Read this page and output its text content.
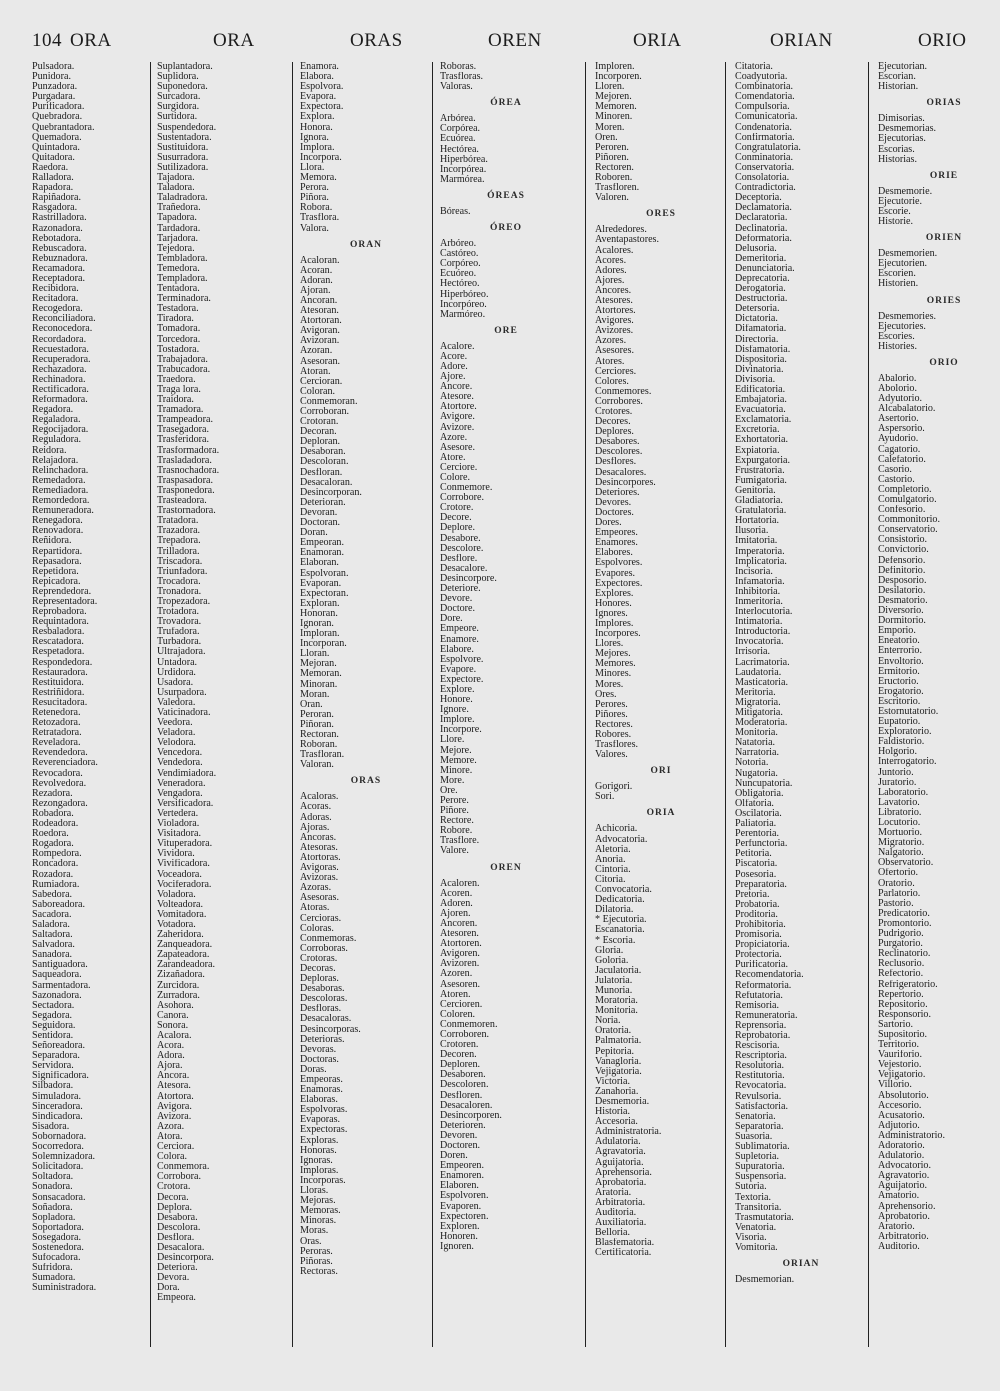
104 ORA	ORA	ORAS	OREN	ORIA	ORIAN	ORIO
Pulsadora.
Punidora.
Punzadora.
Purgadara.
Purificadora.
Quebradora.
Quebrantadora.
Quemadora.
Quintadora.
Quitadora.
Raedora.
Ralladora.
Rapadora.
Rapiñadora.
Rasgadora.
Rastrilladora.
Razonadora.
Rebotadora.
Rebuscadora.
Rebuznadora.
Recamadora.
Receptadora.
Recibidora.
Recitadora.
Recogedora.
Reconciliadora.
Reconocedora.
Recordadora.
Recuestadora.
Recuperadora.
Rechazadora.
Rechinadora.
Rectificadora.
Reformadora.
Regadora.
Regaladora.
Regocijadora.
Reguladora.
Reidora.
Relajadora.
Relinchadora.
Remedadora.
Remediadora.
Remordedora.
Remuneradora.
Renegadora.
Renovadora.
Reñidora.
Repartidora.
Repasadora.
Repetidora.
Repicadora.
Reprendedora.
Representadora.
Reprobadora.
Requintadora.
Resbaladora.
Rescatadora.
Respetadora.
Respondedora.
Restauradora.
Restituidora.
Restriñidora.
Resucitadora.
Retenedora.
Retozadora.
Retratadora.
Reveladora.
Revendedora.
Reverenciadora.
Revocadora.
Revolvedora.
Rezadora.
Rezongadora.
Robadora.
Rodeadora.
Roedora.
Rogadora.
Rompedora.
Roncadora.
Rozadora.
Rumiadora.
Sabedora.
Saboreadora.
Sacadora.
Saladora.
Saltadora.
Salvadora.
Sanadora.
Santiguadora.
Saqueadora.
Sarmentadora.
Sazonadora.
Sectadora.
Segadora.
Seguidora.
Sentidora.
Señoreadora.
Separadora.
Servidora.
Significadora.
Silbadora.
Simuladora.
Sinceradora.
Sindicadora.
Sisadora.
Sobornadora.
Socorredora.
Solemnizadora.
Solicitadora.
Soltadora.
Sonadora.
Sonsacadora.
Soñadora.
Sopladora.
Soportadora.
Sosegadora.
Sostenedora.
Sufocadora.
Sufridora.
Sumadora.
Suministradora.
Suplantadora.
Suplidora.
Suponedora.
Surcadora.
Surgidora.
Surtidora.
Suspendedora.
Sustentadora.
Sustituidora.
Susurradora.
Sutilizadora.
Tajadora.
Taladora.
Taladradora.
Trañedora.
Tapadora.
Tardadora.
Tarjadora.
Tejedora.
Tembladora.
Temedora.
Templadora.
Tentadora.
Terminadora.
Testadora.
Tiradora.
Tomadora.
Torcedora.
Tostadora.
Trabajadora.
Trabucadora.
Traedora.
Traga lora.
Traidora.
Tramadora.
Trampeadora.
Trasegadora.
Trasferidora.
Trasformadora.
Trasladadora.
Trasnochadora.
Traspasadora.
Trasponedora.
Trasteadora.
Trastornadora.
Tratadora.
Trazadora.
Trepadora.
Trilladora.
Triscadora.
Triunfadora.
Trocadora.
Tronadora.
Tropezadora.
Trotadora.
Trovadora.
Trufadora.
Turbadora.
Ultrajadora.
Untadora.
Urdidora.
Usadora.
Usurpadora.
Valedora.
Vaticinadora.
Veedora.
Veladora.
Velodora.
Vencedora.
Vendedora.
Vendimiadora.
Veneradora.
Vengadora.
Versificadora.
Vertedera.
Violadora.
Visitadora.
Vituperadora.
Vividora.
Vivificadora.
Voceadora.
Vociferadora.
Voladora.
Volteadora.
Vomitadora.
Votadora.
Zaheridora.
Zanqueadora.
Zapateadora.
Zarandeadora.
Zizañadora.
Zurcidora.
Zurradora.
Asohora.
Canora.
Sonora.
Acalora.
Acora.
Adora.
Ajora.
Ancora.
Atesora.
Atortora.
Avigora.
Avizora.
Azora.
Atora.
Cerciora.
Colora.
Conmemora.
Corrobora.
Crotora.
Decora.
Deplora.
Desabora.
Descolora.
Desflora.
Desacalora.
Desincorpora.
Deteriora.
Devora.
Dora.
Empeora.
Enamora.
Elabora.
Espolvora.
Evapora.
Expectora.
Explora.
Honora.
Ignora.
Implora.
Incorpora.
Llora.
Memora.
Perora.
Piñora.
Robora.
Trasflora.
Valora.
ORAN
Acaloran.
Acoran.
Adoran.
Ajoran.
Ancoran.
Atesoran.
Atortoran.
Avigoran.
Avizoran.
Azoran.
Asesoran.
Atoran.
Cercioran.
Coloran.
Conmemoran.
Corroboran.
Crotoran.
Decoran.
Deploran.
Desaboran.
Descoloran.
Desfloran.
Desacaloran.
Desincorporan.
Deterioran.
Devoran.
Doctoran.
Doran.
Empeoran.
Enamoran.
Elaboran.
Espolvoran.
Evaporan.
Expectoran.
Exploran.
Honoran.
Ignoran.
Imploran.
Incorporan.
Lloran.
Mejoran.
Memoran.
Minoran.
Moran.
Oran.
Peroran.
Piñoran.
Rectoran.
Roboran.
Trasfloran.
Valoran.
ORAS
Acaloras.
Acoras.
Adoras.
Ajoras.
Ancoras.
Atesoras.
Atortoras.
Avigoras.
Avizoras.
Azoras.
Asesoras.
Atoras.
Cercioras.
Coloras.
Conmemoras.
Corroboras.
Crotoras.
Decoras.
Deploras.
Desaboras.
Descoloras.
Desfloras.
Desacaloras.
Desincorporas.
Deterioras.
Devoras.
Doctoras.
Doras.
Empeoras.
Enamoras.
Elaboras.
Espolvoras.
Evaporas.
Expectoras.
Exploras.
Honoras.
Ignoras.
Imploras.
Incorporas.
Lloras.
Mejoras.
Memoras.
Minoras.
Moras.
Oras.
Peroras.
Piñoras.
Rectoras.
Roboras.
Trasfloras.
Valoras.
ÓREA
Arbórea.
Corpórea.
Ecuórea.
Hectórea.
Hiperbórea.
Incorpórea.
Marmórea.
ÓREAS
Bóreas.
ÓREO
Arbóreo.
Castóreo.
Corpóreo.
Ecuóreo.
Hectóreo.
Hiperbóreo.
Incorpóreo.
Marmóreo.
ORE
Acalore.
Acore.
Adore.
Ajore.
Ancore.
Atesore.
Atortore.
Avigore.
Avizore.
Azore.
Asesore.
Atore.
Cerciore.
Colore.
Conmemore.
Corrobore.
Crotore.
Decore.
Deplore.
Desabore.
Descolore.
Desflore.
Desacalore.
Desincorpore.
Deteriore.
Devore.
Doctore.
Dore.
Empeore.
Enamore.
Elabore.
Espolvore.
Evapore.
Expectore.
Explore.
Honore.
Ignore.
Implore.
Incorpore.
Llore.
Mejore.
Memore.
Minore.
More.
Ore.
Perore.
Piñore.
Rectore.
Robore.
Trasflore.
Valore.
OREN
Acaloren.
Acoren.
Adoren.
Ajoren.
Ancoren.
Atesoren.
Atortoren.
Avigoren.
Avizoren.
Azoren.
Asesoren.
Atoren.
Cercioren.
Coloren.
Conmemoren.
Corroboren.
Crotoren.
Decoren.
Deploren.
Desaboren.
Descoloren.
Desfloren.
Desacaloren.
Desincorporen.
Deterioren.
Devoren.
Doctoren.
Doren.
Empeoren.
Enamoren.
Elaboren.
Espolvoren.
Evaporen.
Expectoren.
Exploren.
Honoren.
Ignoren.
Imploren.
Incorporen.
Lloren.
Mejoren.
Memoren.
Minoren.
Moren.
Oren.
Peroren.
Piñoren.
Rectoren.
Roboren.
Trasfloren.
Valoren.
ORES
Alrededores.
Aventapastores.
Acalores.
Acores.
Adores.
Ajores.
Ancores.
Atesores.
Atortores.
Avigores.
Avizores.
Azores.
Asesores.
Atores.
Cerciores.
Colores.
Conmemores.
Corrobores.
Crotores.
Decores.
Deplores.
Desabores.
Descolores.
Desflores.
Desacalores.
Desincorpores.
Deteriores.
Devores.
Doctores.
Dores.
Empeores.
Enamores.
Elabores.
Espolvores.
Evapores.
Expectores.
Explores.
Honores.
Ignores.
Implores.
Incorpores.
Llores.
Mejores.
Memores.
Minores.
Mores.
Ores.
Perores.
Piñores.
Rectores.
Robores.
Trasflores.
Valores.
ORI
Gorigori.
Sori.
ORIA
Achicoria.
Advocatoria.
Aletoria.
Anoria.
Cintoria.
Citoria.
Convocatoria.
Dedicatoria.
Dilatoria.
* Ejecutoria.
Escanatoria.
* Escoria.
Gloria.
Goloria.
Jaculatoria.
Julatoria.
Munoria.
Moratoria.
Monitoria.
Noria.
Oratoria.
Palmatoria.
Pepitoria.
Vanagloria.
Vejigatoria.
Victoria.
Zanahoria.
Desmemoria.
Historia.
Accesoria.
Administratoria.
Adulatoria.
Agravatoria.
Aguijatoria.
Aprehensoria.
Aprobatoria.
Aratoria.
Arbitratoria.
Auditoria.
Auxiliatoria.
Belloria.
Blasfematoria.
Certificatoria.
Citatoria.
Coadyutoria.
Combinatoria.
Comendatoria.
Compulsoria.
Comunicatoria.
Condenatoria.
Confirmatoria.
Congratulatoria.
Conminatoria.
Conservatoria.
Consolatoria.
Contradictoria.
Deceptoria.
Declamatoria.
Declaratoria.
Declinatoria.
Deformatoria.
Delusoria.
Demeritoria.
Denunciatoria.
Deprecatoria.
Derogatoria.
Destructoria.
Detersoria.
Dictatoria.
Difamatoria.
Directoria.
Disfamatoria.
Dispositoria.
Divinatoria.
Divisoria.
Edificatoria.
Embajatoria.
Evacuatoria.
Exclamatoria.
Excretoria.
Exhortatoria.
Expiatoria.
Expurgatoria.
Frustratoria.
Fumigatoria.
Genitoria.
Gladiatoria.
Gratulatoria.
Hortatoria.
Ilusoria.
Imitatoria.
Imperatoria.
Implicatoria.
Incisoria.
Infamatoria.
Inhibitoria.
Inmeritoria.
Interlocutoria.
Intimatoria.
Introductoria.
Invocatoria.
Irrisoria.
Lacrimatoria.
Laudatoria.
Masticatoria.
Meritoria.
Migratoria.
Mitigatoria.
Moderatoria.
Monitoria.
Natatoria.
Narratoria.
Notoria.
Nugatoria.
Nuncupatoria.
Obligatoria.
Olfatoria.
Oscilatoria.
Paliatoria.
Perentoria.
Perfunctoria.
Petitoria.
Piscatoria.
Posesoria.
Preparatoria.
Pretoria.
Probatoria.
Proditoria.
Prohibitoria.
Promisoria.
Propiciatoria.
Protectoria.
Purificatoria.
Recomendatoria.
Reformatoria.
Refutatoria.
Remisoria.
Remuneratoria.
Reprensoria.
Reprobatoria.
Rescisoria.
Rescriptoria.
Resolutoria.
Restitutoria.
Revocatoria.
Revulsoria.
Satisfactoria.
Senatoria.
Separatoria.
Suasoria.
Sublimatoria.
Supletoria.
Supuratoria.
Suspensoria.
Sutoria.
Textoria.
Transitoria.
Trasmutatoria.
Venatoria.
Visoria.
Vomitoria.
ORIAN
Desmemorian.
Ejecutorian.
Escorian.
Historian.
ORIAS
Dimisorias.
Desmemorias.
Ejecutorias.
Escorias.
Historias.
ORIE
Desmemorie.
Ejecutorie.
Escorie.
Historie.
ORIEN
Desmemorien.
Ejecutorien.
Escorien.
Historien.
ORIES
Desmemories.
Ejecutories.
Escories.
Histories.
ORIO
Abalorio.
Abolorio.
Adyutorio.
Alcabalatorio.
Asertorio.
Aspersorio.
Ayudorio.
Cagatorio.
Calefatorio.
Casorio.
Castorio.
Completorio.
Comulgatorio.
Confesorio.
Commonitorio.
Conservatorio.
Consistorio.
Convictorio.
Defensorio.
Definitorio.
Desposorio.
Desilatorio.
Desmatorio.
Diversorio.
Dormitorio.
Emporio.
Eneatorio.
Enterrorio.
Envoltorio.
Ermitorio.
Eructorio.
Erogatorio.
Escritorio.
Estornutatorio.
Eupatorio.
Exploratorio.
Faldistorio.
Holgorio.
Interrogatorio.
Juntorio.
Juratorio.
Laboratorio.
Lavatorio.
Libratorio.
Locutorio.
Mortuorio.
Migratorio.
Nalgatorio.
Observatorio.
Ofertorio.
Oratorio.
Parlatorio.
Pastorio.
Predicatorio.
Promontorio.
Pudrigorio.
Purgatorio.
Reclinatorio.
Reclusorio.
Refectorio.
Refrigeratorio.
Repertorio.
Repositorio.
Responsorio.
Sartorio.
Supositorio.
Territorio.
Vauriforio.
Vejestorio.
Vejigatorio.
Villorio.
Absolutorio.
Accesorio.
Acusatorio.
Adjutorio.
Administratorio.
Adoratorio.
Adulatorio.
Advocatorio.
Agravatorio.
Aguijatorio.
Amatorio.
Aprehensorio.
Aprobatorio.
Aratorio.
Arbitratorio.
Auditorio.
